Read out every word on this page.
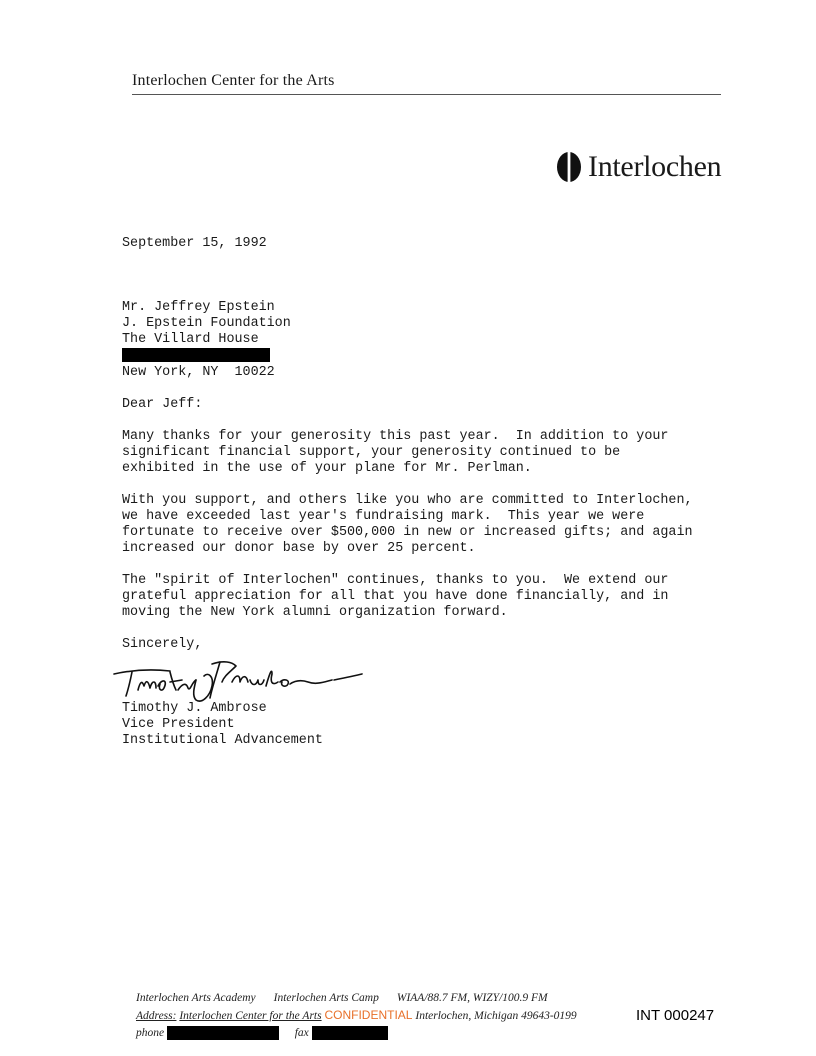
Interlochen Center for the Arts
Interlochen
September 15, 1992
Mr. Jeffrey Epstein
J. Epstein Foundation
The Villard House
New York, NY  10022
Dear Jeff:
Many thanks for your generosity this past year.  In addition to your
significant financial support, your generosity continued to be
exhibited in the use of your plane for Mr. Perlman.
With you support, and others like you who are committed to Interlochen,
we have exceeded last year's fundraising mark.  This year we were
fortunate to receive over $500,000 in new or increased gifts; and again
increased our donor base by over 25 percent.
The "spirit of Interlochen" continues, thanks to you.  We extend our
grateful appreciation for all that you have done financially, and in
moving the New York alumni organization forward.
Sincerely,
Timothy J. Ambrose
Vice President
Institutional Advancement
Interlochen Arts Academy Interlochen Arts Camp WIAA/88.7 FM, WIZY/100.9 FM
Address: Interlochen Center for the Arts CONFIDENTIAL Interlochen, Michigan 49643-0199
phone	fax
INT 000247
